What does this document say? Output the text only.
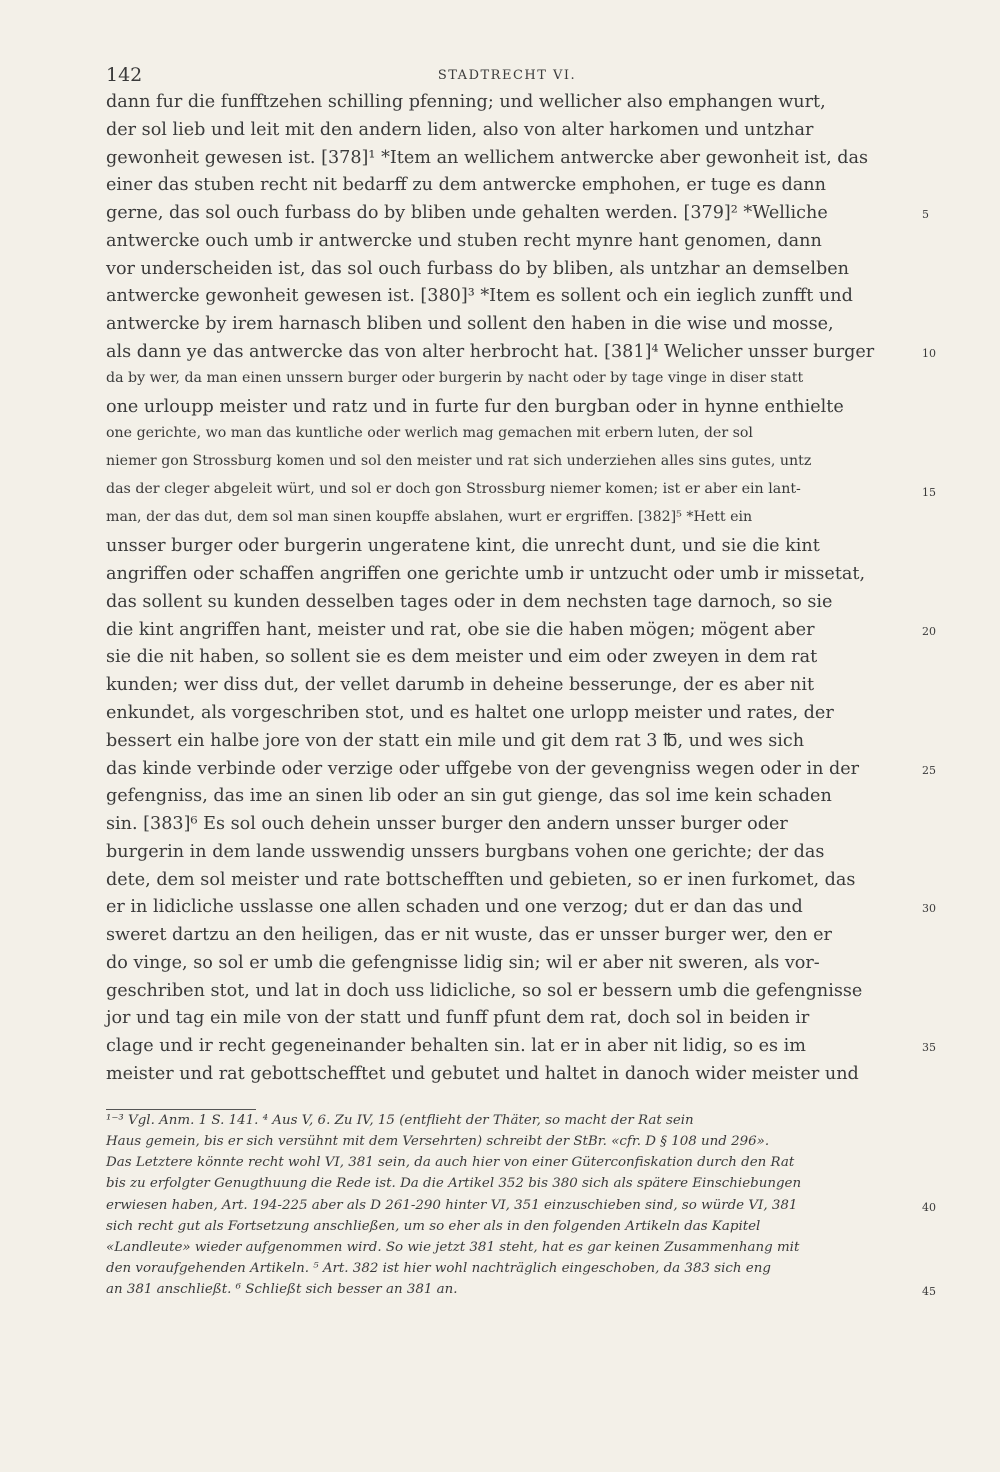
142	STADTRECHT VI.
dann fur die funfftzehen schilling pfenning; und wellicher also emphangen wurt,
der sol lieb und leit mit den andern liden, also von alter harkomen und untzhar
gewonheit gewesen ist. [378]¹ *Item an wellichem antwercke aber gewonheit ist, das
einer das stuben recht nit bedarff zu dem antwercke emphohen, er tuge es dann
gerne, das sol ouch furbass do by bliben unde gehalten werden. [379]² *Welliche
antwercke ouch umb ir antwercke und stuben recht mynre hant genomen, dann
vor underscheiden ist, das sol ouch furbass do by bliben, als untzhar an demselben
antwercke gewonheit gewesen ist. [380]³ *Item es sollent och ein ieglich zunfft und
antwercke by irem harnasch bliben und sollent den haben in die wise und mosse,
als dann ye das antwercke das von alter herbrocht hat. [381]⁴ Welicher unsser burger
da by wer, da man einen unssern burger oder burgerin by nacht oder by tage vinge in diser statt
one urloupp meister und ratz und in furte fur den burgban oder in hynne enthielte
one gerichte, wo man das kuntliche oder werlich mag gemachen mit erbern luten, der sol
niemer gon Strossburg komen und sol den meister und rat sich underziehen alles sins gutes, untz
das der cleger abgeleit würt, und sol er doch gon Strossburg niemer komen; ist er aber ein lant-
man, der das dut, dem sol man sinen koupffe abslahen, wurt er ergriffen. [382]⁵ *Hett ein
unsser burger oder burgerin ungeratene kint, die unrecht dunt, und sie die kint
angriffen oder schaffen angriffen one gerichte umb ir untzucht oder umb ir missetat,
das sollent su kunden desselben tages oder in dem nechsten tage darnoch, so sie
die kint angriffen hant, meister und rat, obe sie die haben mögen; mögent aber
sie die nit haben, so sollent sie es dem meister und eim oder zweyen in dem rat
kunden; wer diss dut, der vellet darumb in deheine besserunge, der es aber nit
enkundet, als vorgeschriben stot, und es haltet one urlopp meister und rates, der
bessert ein halbe jore von der statt ein mile und git dem rat 3 ℔, und wes sich
das kinde verbinde oder verzige oder uffgebe von der gevengniss wegen oder in der
gefengniss, das ime an sinen lib oder an sin gut gienge, das sol ime kein schaden
sin. [383]⁶ Es sol ouch dehein unsser burger den andern unsser burger oder
burgerin in dem lande usswendig unssers burgbans vohen one gerichte; der das
dete, dem sol meister und rate bottschefften und gebieten, so er inen furkomet, das
er in lidicliche usslasse one allen schaden und one verzog; dut er dan das und
sweret dartzu an den heiligen, das er nit wuste, das er unsser burger wer, den er
do vinge, so sol er umb die gefengnisse lidig sin; wil er aber nit sweren, als vor-
geschriben stot, und lat in doch uss lidicliche, so sol er bessern umb die gefengnisse
jor und tag ein mile von der statt und funff pfunt dem rat, doch sol in beiden ir
clage und ir recht gegeneinander behalten sin. lat er in aber nit lidig, so es im
meister und rat gebottschefftet und gebutet und haltet in danoch wider meister und
¹⁻³ Vgl. Anm. 1 S. 141. ⁴ Aus V, 6. Zu IV, 15 (entflieht der Thäter, so macht der Rat sein
Haus gemein, bis er sich versühnt mit dem Versehrten) schreibt der StBr. «cfr. D § 108 und 296».
Das Letztere könnte recht wohl VI, 381 sein, da auch hier von einer Güterconfiskation durch den Rat
bis zu erfolgter Genugthuung die Rede ist. Da die Artikel 352 bis 380 sich als spätere Einschiebungen
erwiesen haben, Art. 194-225 aber als D 261-290 hinter VI, 351 einzuschieben sind, so würde VI, 381
sich recht gut als Fortsetzung anschließen, um so eher als in den folgenden Artikeln das Kapitel
«Landleute» wieder aufgenommen wird. So wie jetzt 381 steht, hat es gar keinen Zusammenhang mit
den voraufgehenden Artikeln. ⁵ Art. 382 ist hier wohl nachträglich eingeschoben, da 383 sich eng
an 381 anschließt. ⁶ Schließt sich besser an 381 an.
5
10
15
20
25
30
35
40
45
